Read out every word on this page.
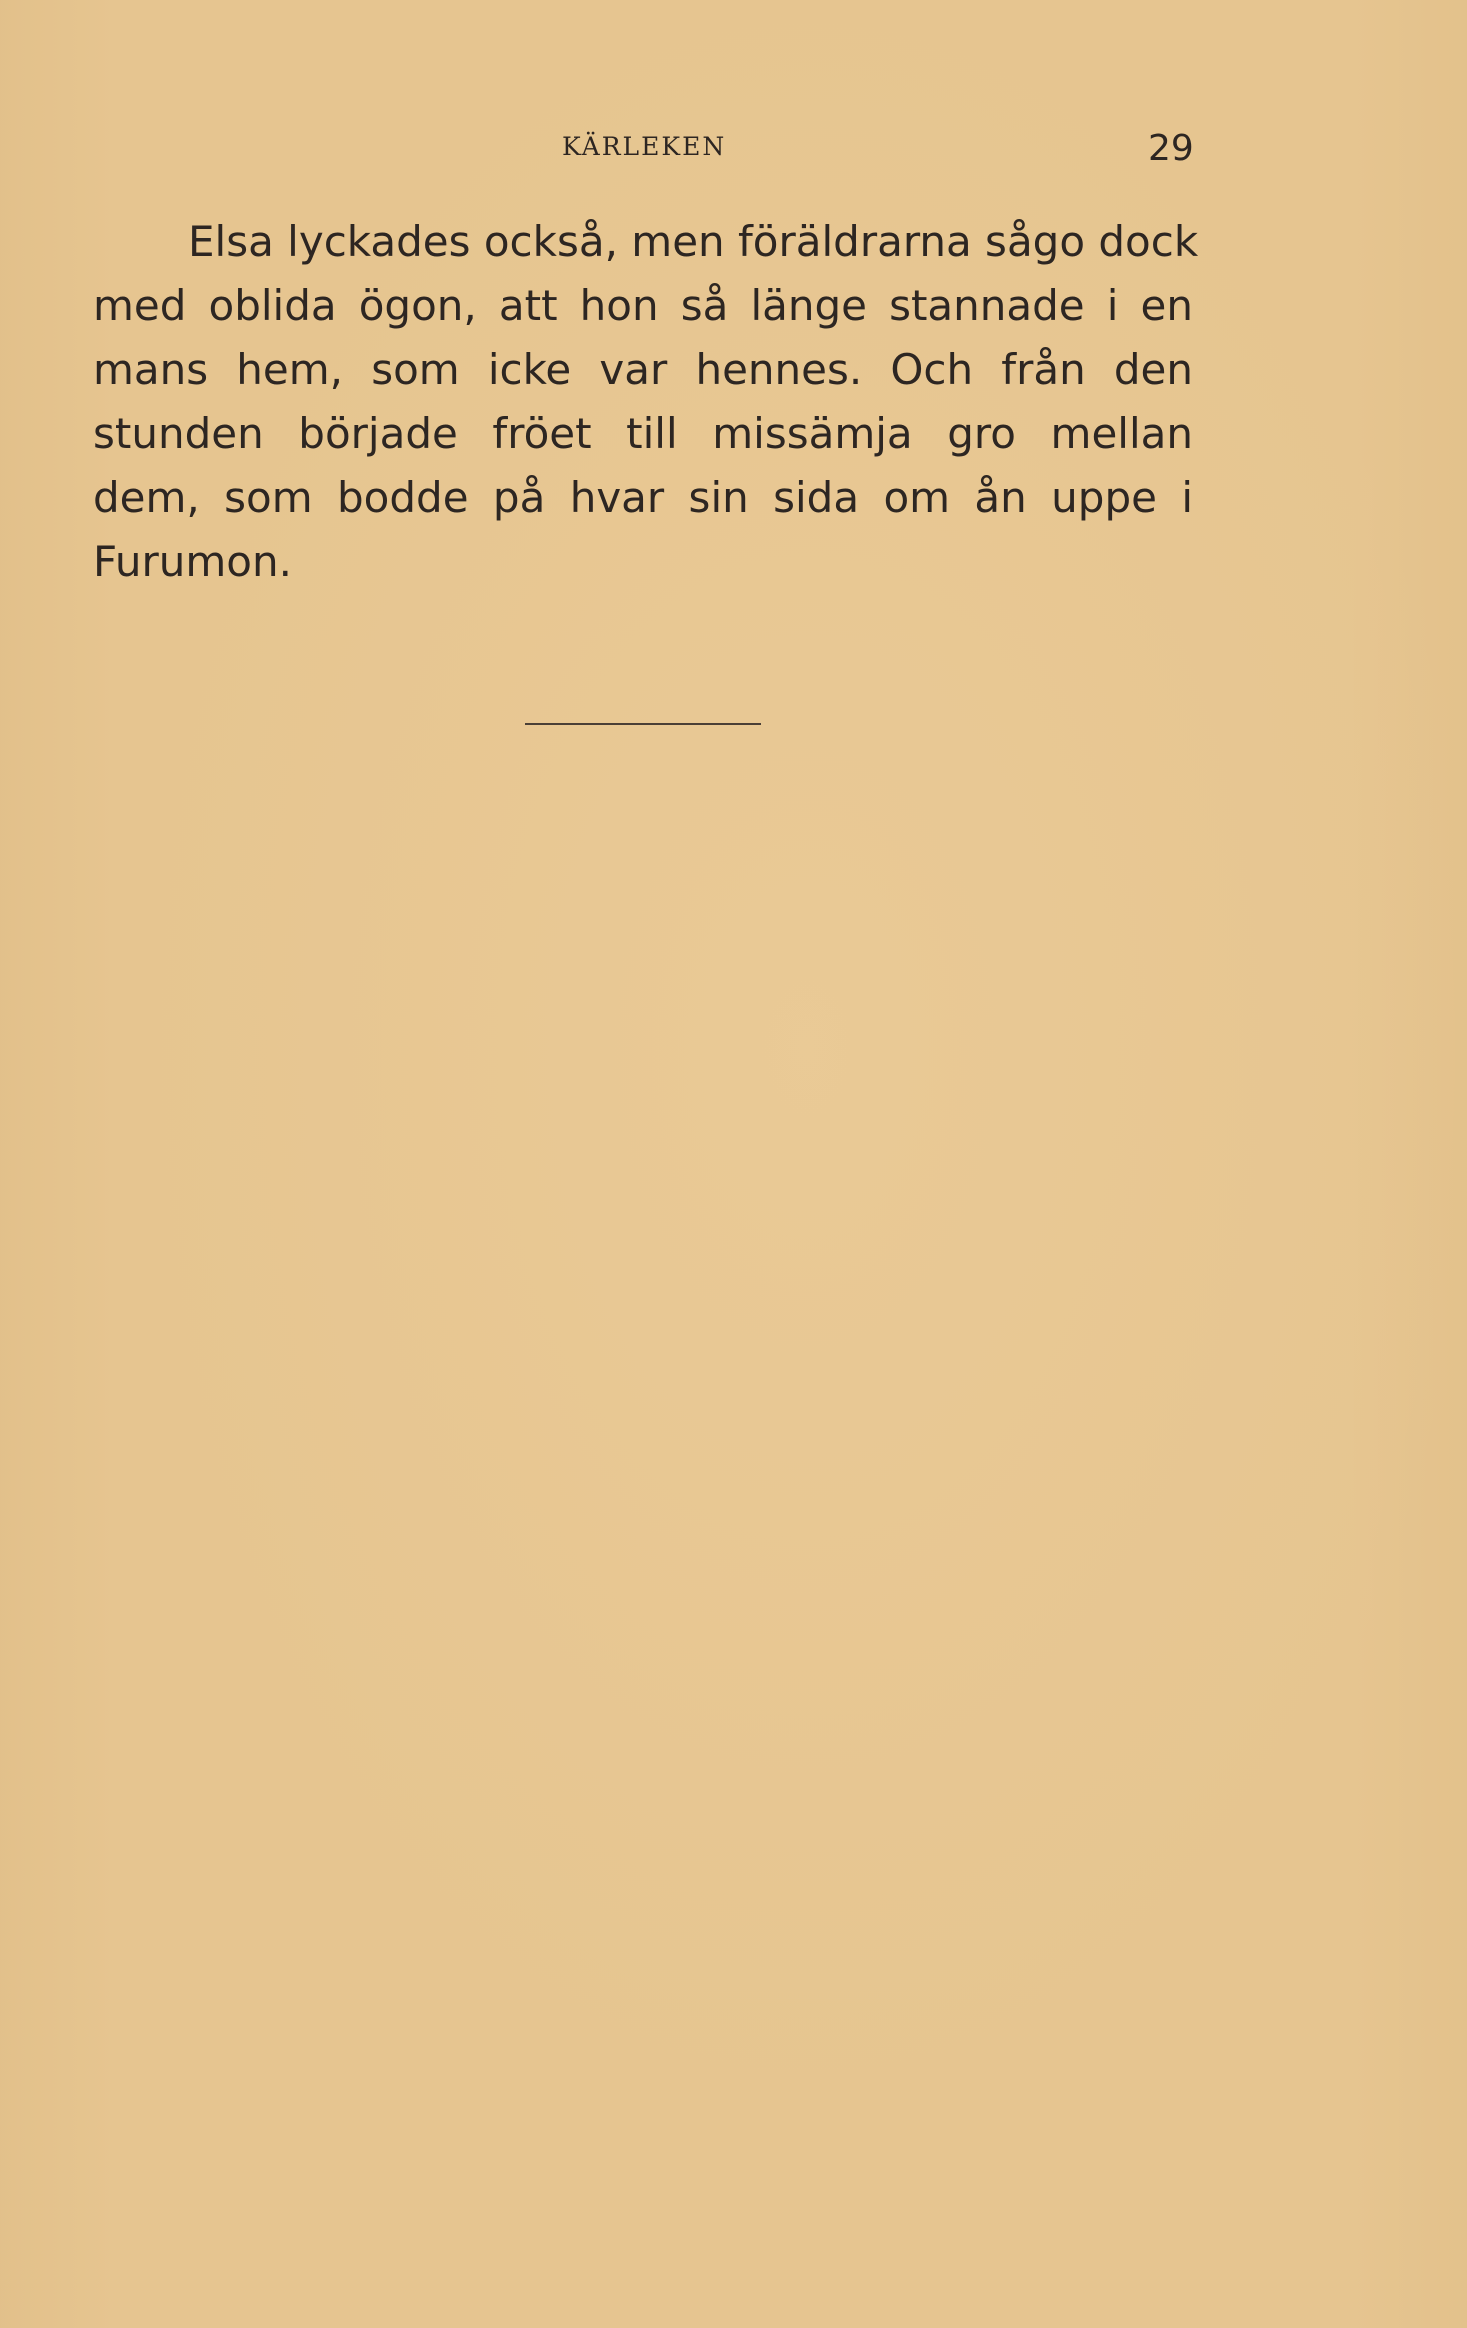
KÄRLEKEN	29
Elsa lyckades också, men föräldrarna sågo dock
med oblida ögon, att hon så länge stannade i en
mans hem, som icke var hennes. Och från den
stunden började fröet till missämja gro mellan
dem, som bodde på hvar sin sida om ån uppe i
Furumon.
